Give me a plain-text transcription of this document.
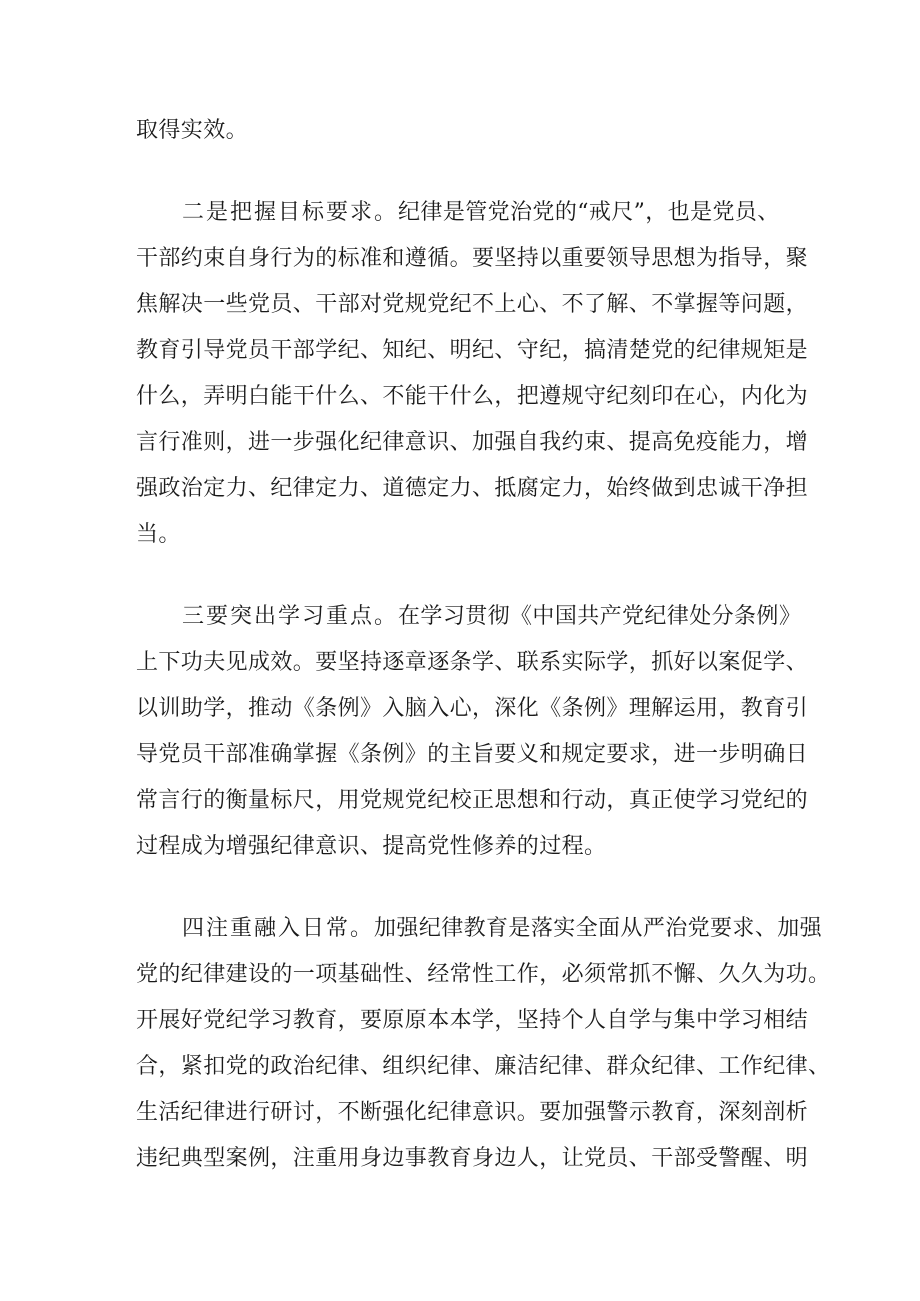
取得实效。
二是把握目标要求。纪律是管党治党的“戒尺”，也是党员、
干部约束自身行为的标准和遵循。要坚持以重要领导思想为指导，聚
焦解决一些党员、干部对党规党纪不上心、不了解、不掌握等问题，
教育引导党员干部学纪、知纪、明纪、守纪，搞清楚党的纪律规矩是
什么，弄明白能干什么、不能干什么，把遵规守纪刻印在心，内化为
言行准则，进一步强化纪律意识、加强自我约束、提高免疫能力，增
强政治定力、纪律定力、道德定力、抵腐定力，始终做到忠诚干净担
当。
三要突出学习重点。在学习贯彻《中国共产党纪律处分条例》
上下功夫见成效。要坚持逐章逐条学、联系实际学，抓好以案促学、
以训助学，推动《条例》入脑入心，深化《条例》理解运用，教育引
导党员干部准确掌握《条例》的主旨要义和规定要求，进一步明确日
常言行的衡量标尺，用党规党纪校正思想和行动，真正使学习党纪的
过程成为增强纪律意识、提高党性修养的过程。
四注重融入日常。加强纪律教育是落实全面从严治党要求、加强
党的纪律建设的一项基础性、经常性工作，必须常抓不懈、久久为功。
开展好党纪学习教育，要原原本本学，坚持个人自学与集中学习相结
合，紧扣党的政治纪律、组织纪律、廉洁纪律、群众纪律、工作纪律、
生活纪律进行研讨，不断强化纪律意识。要加强警示教育，深刻剖析
违纪典型案例，注重用身边事教育身边人，让党员、干部受警醒、明
